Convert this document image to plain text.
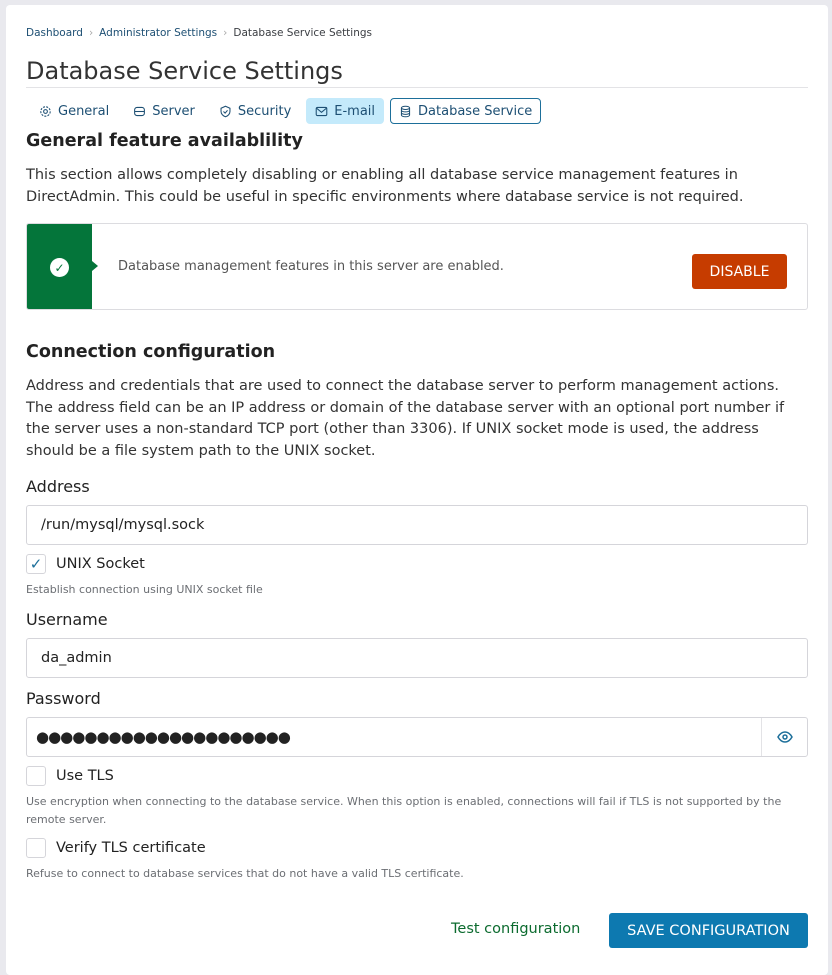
Dashboard › Administrator Settings › Database Service Settings
Database Service Settings
General	Server	Security	E-mail	Database Service
General feature availablility

This section allows completely disabling or enabling all database service management features in DirectAdmin. This could be useful in specific environments where database service is not required.

✓	Database management features in this server are enabled.	DISABLE
Connection configuration

Address and credentials that are used to connect the database server to perform management actions. The address field can be an IP address or domain of the database server with an optional port number if the server uses a non-standard TCP port (other than 3306). If UNIX socket mode is used, the address should be a file system path to the UNIX socket.

Address
/run/mysql/mysql.sock
✓ UNIX Socket
Establish connection using UNIX socket file
Username
da_admin
Password
●●●●●●●●●●●●●●●●●●●●●
Use TLS
Use encryption when connecting to the database service. When this option is enabled, connections will fail if TLS is not supported by the remote server.
Verify TLS certificate
Refuse to connect to database services that do not have a valid TLS certificate.
Test configuration	SAVE CONFIGURATION
